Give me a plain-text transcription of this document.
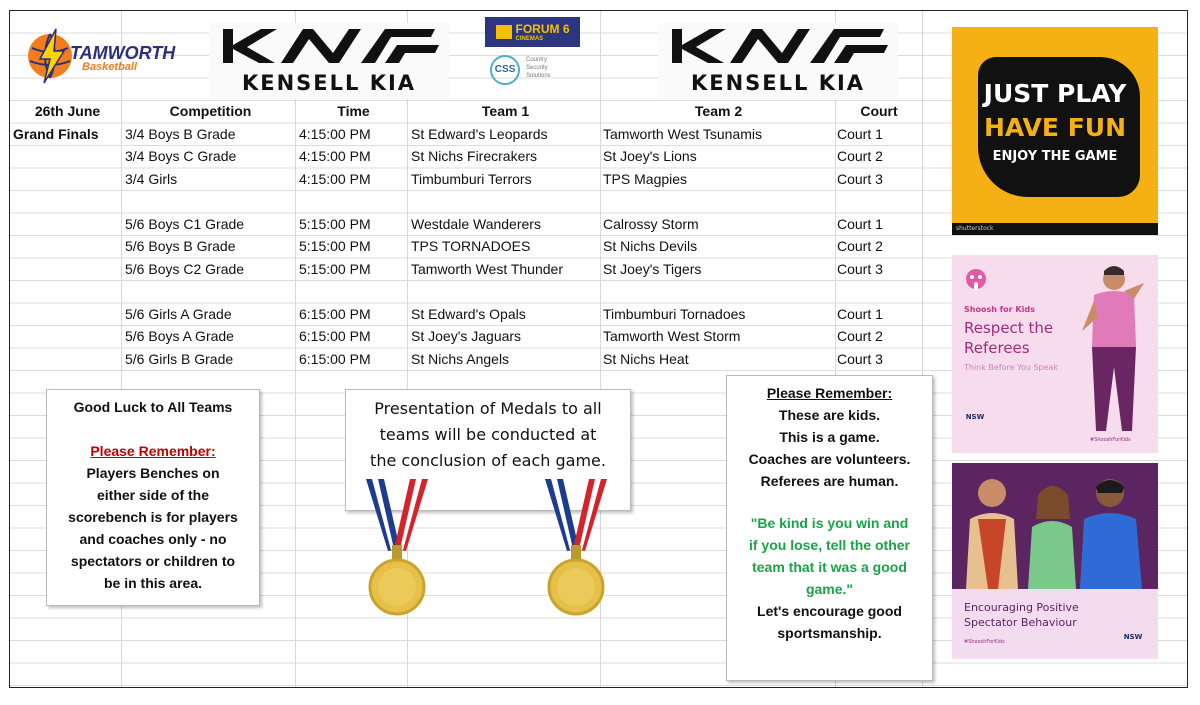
TAMWORTH
Basketball
KENSELL KIA	KENSELL KIA
FORUM 6
CINEMAS
CSS
Country
Security
Solutions
26th June	Competition	Time	Team 1	Team 2	Court
Grand Finals	3/4 Boys B Grade	4:15:00 PM	St Edward's Leopards	Tamworth West Tsunamis	Court 1
	3/4 Boys C Grade	4:15:00 PM	St Nichs Firecrakers	St Joey's Lions	Court 2
	3/4 Girls	4:15:00 PM	Timbumburi Terrors	TPS Magpies	Court 3

	5/6 Boys C1 Grade	5:15:00 PM	Westdale Wanderers	Calrossy Storm	Court 1
	5/6 Boys B Grade	5:15:00 PM	TPS TORNADOES	St Nichs Devils	Court 2
	5/6 Boys C2 Grade	5:15:00 PM	Tamworth West Thunder	St Joey's Tigers	Court 3

	5/6 Girls A Grade	6:15:00 PM	St Edward's Opals	Timbumburi Tornadoes	Court 1
	5/6 Boys A Grade	6:15:00 PM	St Joey's Jaguars	Tamworth West Storm	Court 2
	5/6 Girls B Grade	6:15:00 PM	St Nichs Angels	St Nichs Heat	Court 3
Good Luck to All Teams
Please Remember:
Players Benches on
either side of the
scorebench is for players
and coaches only - no
spectators or children to
be in this area.
Presentation of Medals to all
teams will be conducted at
the conclusion of each game.
Please Remember:
These are kids.
This is a game.
Coaches are volunteers.
Referees are human.
"Be kind is you win and
if you lose, tell the other
team that it was a good
game."
Let's encourage good
sportsmanship.
JUST PLAY
HAVE FUN
ENJOY THE GAME
shutterstock
Shoosh for Kids
Respect the
Referees
Think Before You Speak
NSW
#ShooshForKids
Encouraging Positive
Spectator Behaviour
#ShooshForKids
NSW
